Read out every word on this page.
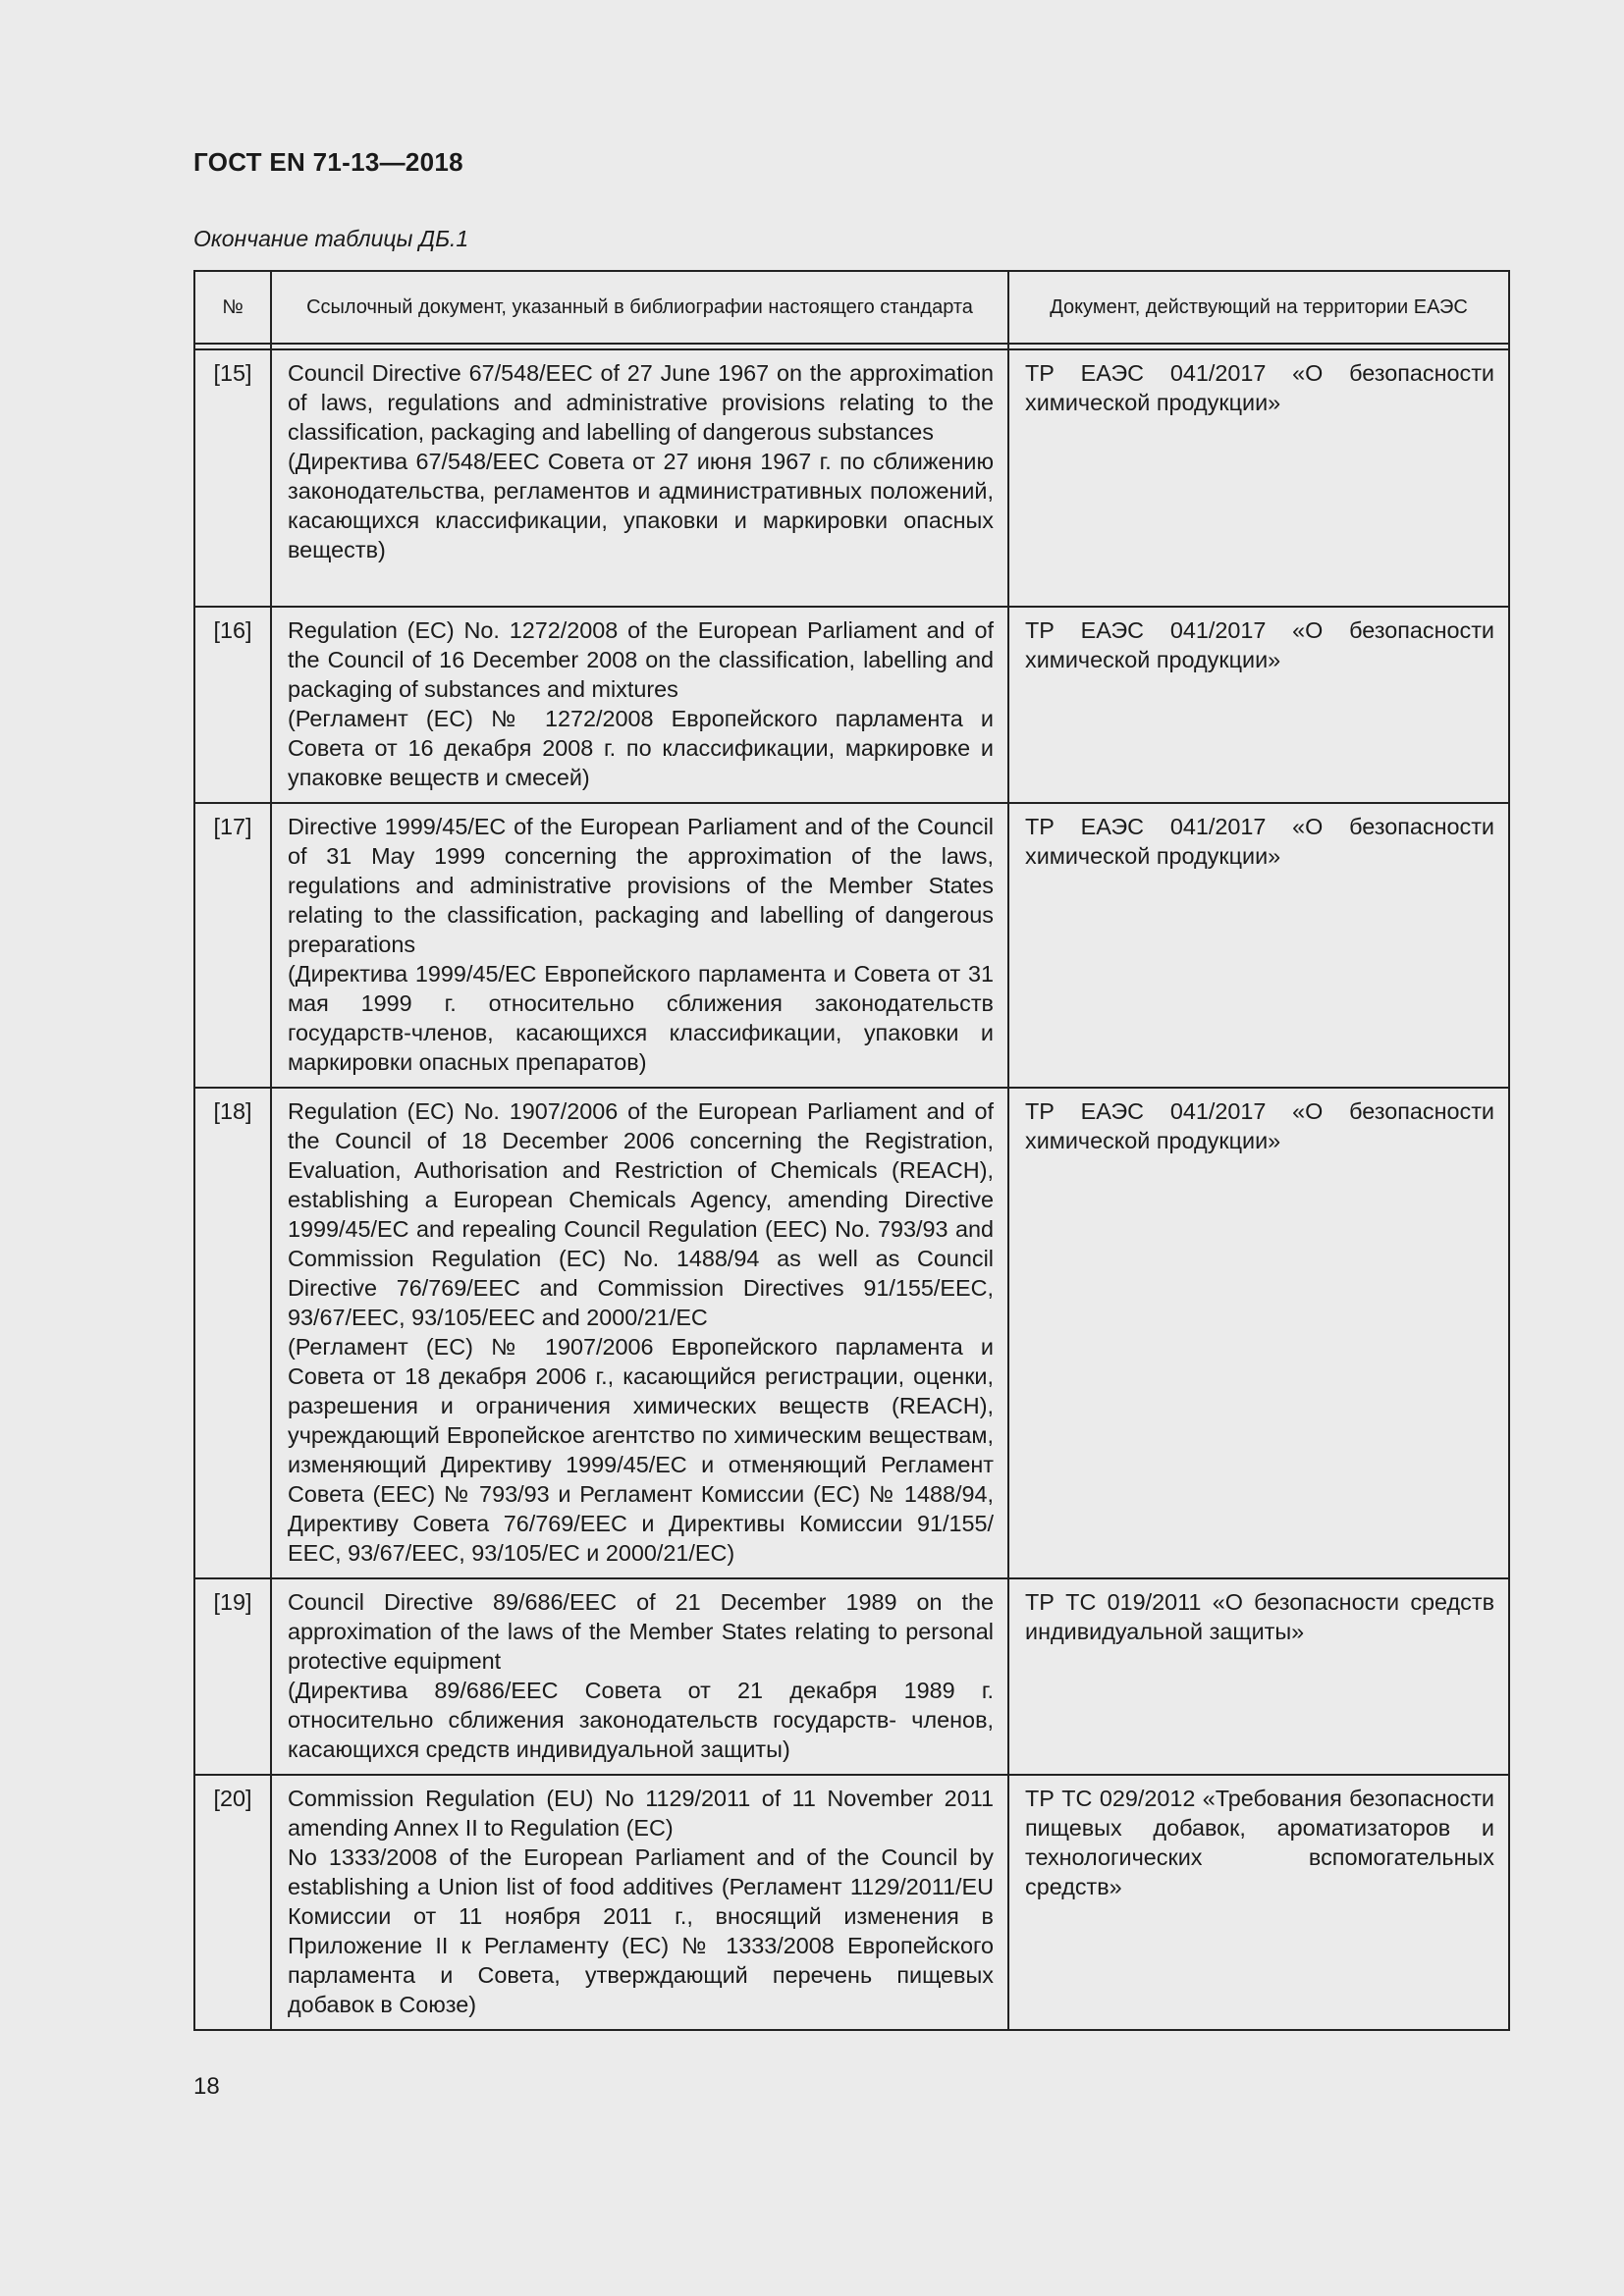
ГОСТ EN 71-13—2018
Окончание таблицы ДБ.1
№	Ссылочный документ, указанный в библиографии настоящего стандарта	Документ, действующий на территории ЕАЭС

[15]	Council Directive 67/548/EEC of 27 June 1967 on the approximation of laws, regulations and administrative provisions relating to the classification, packaging and labelling of dangerous substances
(Директива 67/548/ЕЕС Совета от 27 июня 1967 г. по сближению законодательства, регламентов и административных положений, касающихся классификации, упаковки и маркировки опасных веществ)	ТР ЕАЭС 041/2017 «О безопасности химической продукции»
[16]	Regulation (EC) No. 1272/2008 of the European Parliament and of the Council of 16 December 2008 on the classification, labelling and packaging of substances and mixtures
(Регламент (ЕС) № 1272/2008 Европейского парламента и Совета от 16 декабря 2008 г. по классификации, маркировке и упаковке веществ и смесей)	ТР ЕАЭС 041/2017 «О безопасности химической продукции»
[17]	Directive 1999/45/EC of the European Parliament and of the Council of 31 May 1999 concerning the approximation of the laws, regulations and administrative provisions of the Member States relating to the classification, packaging and labelling of dangerous preparations
(Директива 1999/45/ЕС Европейского парламента и Совета от 31 мая 1999 г. относительно сближения законодательств государств-членов, касающихся классификации, упаковки и маркировки опасных препаратов)	ТР ЕАЭС 041/2017 «О безопасности химической продукции»
[18]	Regulation (EC) No. 1907/2006 of the European Parliament and of the Council of 18 December 2006 concerning the Registration, Evaluation, Authorisation and Restriction of Chemicals (REACH), establishing a European Chemicals Agency, amending Directive 1999/45/EC and repealing Council Regulation (EEC) No. 793/93 and Commission Regulation (EC) No. 1488/94 as well as Council Directive 76/769/EEC and Commission Directives 91/155/EEC, 93/67/EEC, 93/105/EEC and 2000/21/EC
(Регламент (ЕС) № 1907/2006 Европейского парламента и Совета от 18 декабря 2006 г., касающийся регистрации, оценки, разрешения и ограничения химических веществ (REACH), учреждающий Европейское агентство по химическим веществам, изменяющий Директиву 1999/45/ЕС и отменяющий Регламент Совета (ЕЕС) № 793/93 и Регламент Комиссии (ЕС) № 1488/94, Директиву Совета 76/769/ЕЕС и Директивы Комиссии 91/155/ЕЕС, 93/67/ЕЕС, 93/105/ЕС и 2000/21/ЕС)	ТР ЕАЭС 041/2017 «О безопасности химической продукции»
[19]	Council Directive 89/686/EEC of 21 December 1989 on the approximation of the laws of the Member States relating to personal protective equipment
(Директива 89/686/ЕЕС Совета от 21 декабря 1989 г. относительно сближения законодательств государств- членов, касающихся средств индивидуальной защиты)	ТР ТС 019/2011 «О безопасности средств индивидуальной защиты»
[20]	Commission Regulation (EU) No 1129/2011 of 11 November 2011 amending Annex II to Regulation (EC)
No 1333/2008 of the European Parliament and of the Council by establishing a Union list of food additives (Регламент 1129/2011/EU Комиссии от 11 ноября 2011 г., вносящий изменения в Приложение II к Регламенту (ЕС) № 1333/2008 Европейского парламента и Совета, утверждающий перечень пищевых добавок в Союзе)	ТР ТС 029/2012 «Требования безопасности пищевых добавок, ароматизаторов и технологических вспомогательных средств»
18
